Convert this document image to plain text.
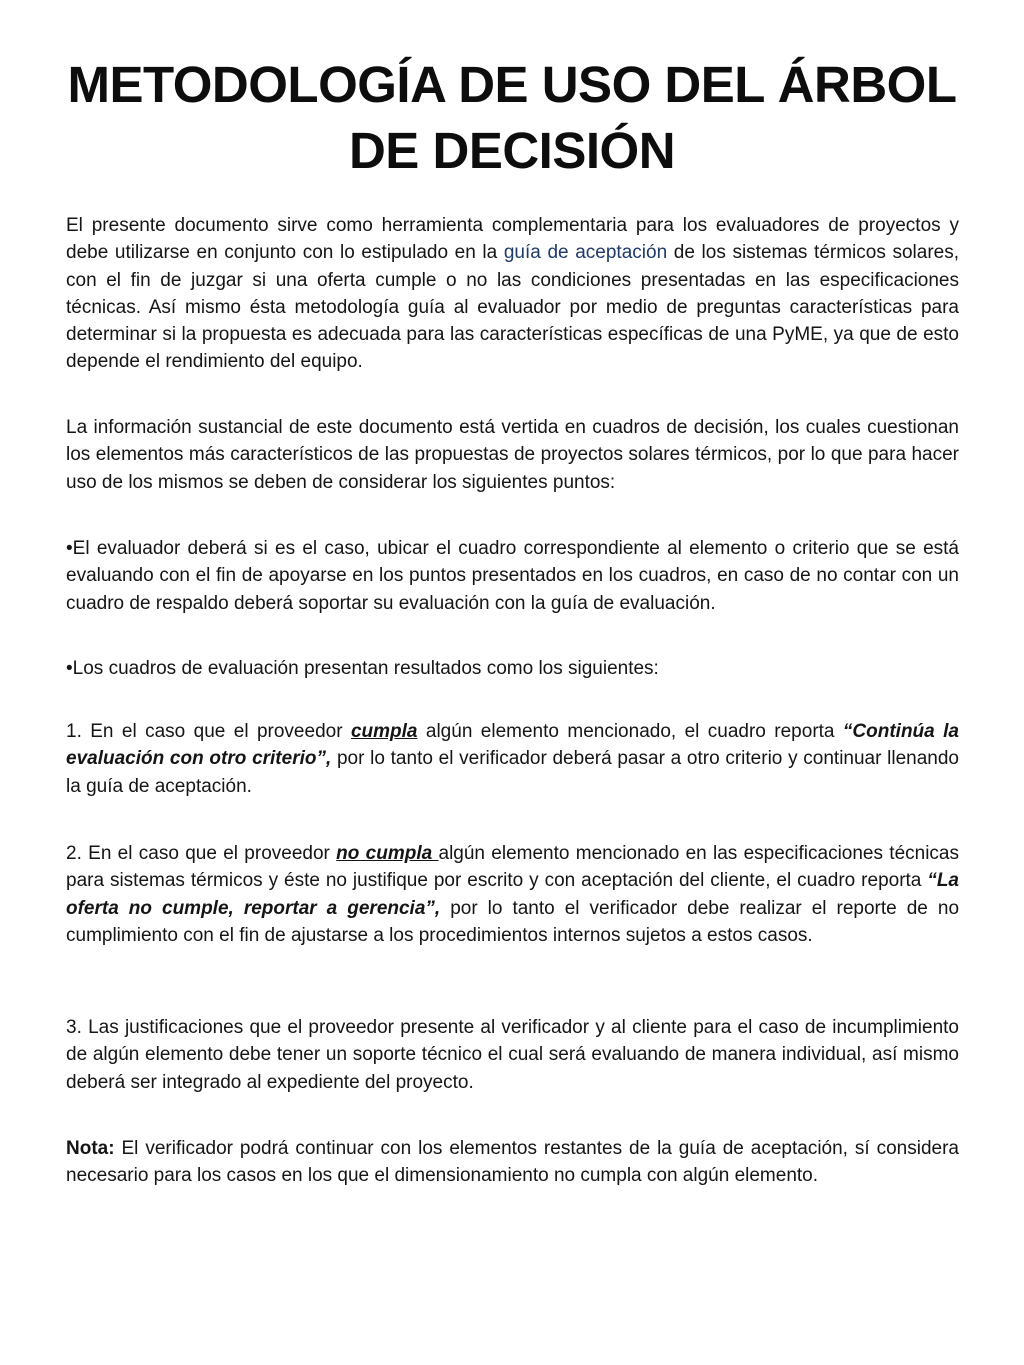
METODOLOGÍA DE USO DEL ÁRBOL DE DECISIÓN

El presente documento sirve como herramienta complementaria para los evaluadores de proyectos y debe utilizarse en conjunto con lo estipulado en la guía de aceptación de los sistemas térmicos solares, con el fin de juzgar si una oferta cumple o no las condiciones presentadas en las especificaciones técnicas. Así mismo ésta metodología guía al evaluador por medio de preguntas características para determinar si la propuesta es adecuada para las características específicas de una PyME, ya que de esto depende el rendimiento del equipo.

La información sustancial de este documento está vertida en cuadros de decisión, los cuales cuestionan los elementos más característicos de las propuestas de proyectos solares térmicos, por lo que para hacer uso de los mismos se deben de considerar los siguientes puntos:

•El evaluador deberá si es el caso, ubicar el cuadro correspondiente al elemento o criterio que se está evaluando con el fin de apoyarse en los puntos presentados en los cuadros, en caso de no contar con un cuadro de respaldo deberá soportar su evaluación con la guía de evaluación.

•Los cuadros de evaluación presentan resultados como los siguientes:

1. En el caso que el proveedor cumpla algún elemento mencionado, el cuadro reporta “Continúa la evaluación con otro criterio”, por lo tanto el verificador deberá pasar a otro criterio y continuar llenando la guía de aceptación.

2. En el caso que el proveedor no cumpla algún elemento mencionado en las especificaciones técnicas para sistemas térmicos y éste no justifique por escrito y con aceptación del cliente, el cuadro reporta “La oferta no cumple, reportar a gerencia”, por lo tanto el verificador debe realizar el reporte de no cumplimiento con el fin de ajustarse a los procedimientos internos sujetos a estos casos.

3. Las justificaciones que el proveedor presente al verificador y al cliente para el caso de incumplimiento de algún elemento debe tener un soporte técnico el cual será evaluando de manera individual, así mismo deberá ser integrado al expediente del proyecto.

Nota: El verificador podrá continuar con los elementos restantes de la guía de aceptación, sí considera necesario para los casos en los que el dimensionamiento no cumpla con algún elemento.
